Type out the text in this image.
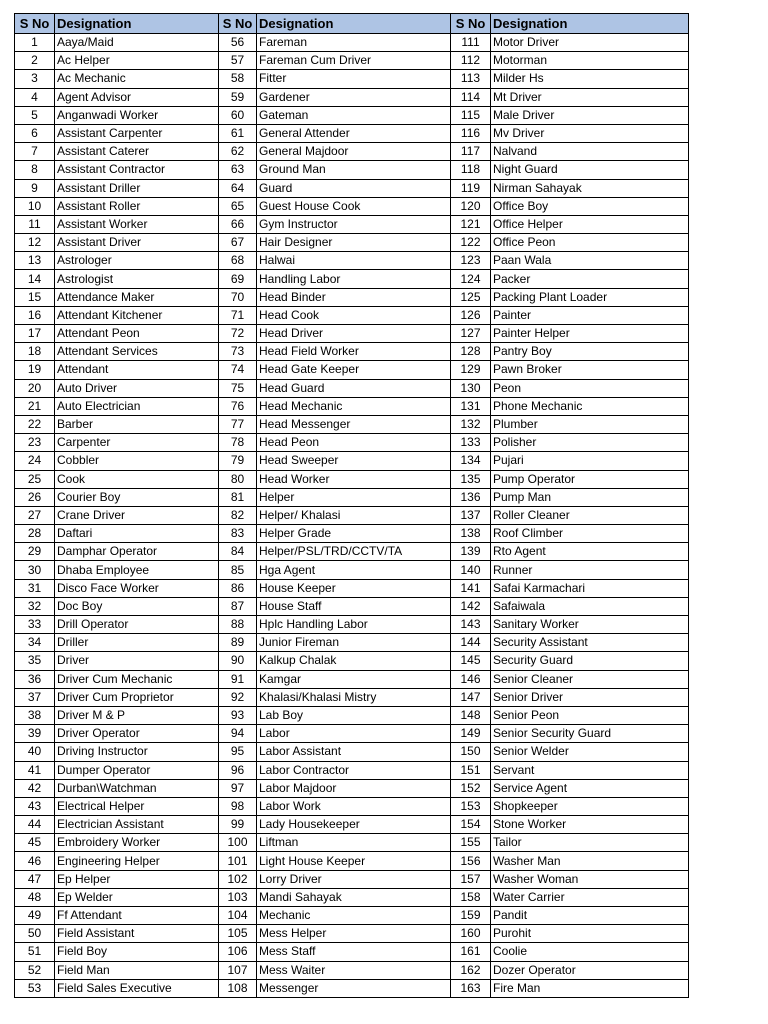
S No	Designation	S No	Designation	S No	Designation
1	Aaya/Maid	56	Fareman	111	Motor Driver
2	Ac Helper	57	Fareman Cum Driver	112	Motorman
3	Ac Mechanic	58	Fitter	113	Milder Hs
4	Agent Advisor	59	Gardener	114	Mt Driver
5	Anganwadi Worker	60	Gateman	115	Male Driver
6	Assistant Carpenter	61	General Attender	116	Mv Driver
7	Assistant Caterer	62	General Majdoor	117	Nalvand
8	Assistant Contractor	63	Ground Man	118	Night Guard
9	Assistant Driller	64	Guard	119	Nirman Sahayak
10	Assistant Roller	65	Guest House Cook	120	Office Boy
11	Assistant Worker	66	Gym Instructor	121	Office Helper
12	Assistant Driver	67	Hair Designer	122	Office Peon
13	Astrologer	68	Halwai	123	Paan Wala
14	Astrologist	69	Handling Labor	124	Packer
15	Attendance Maker	70	Head Binder	125	Packing Plant Loader
16	Attendant Kitchener	71	Head Cook	126	Painter
17	Attendant Peon	72	Head Driver	127	Painter Helper
18	Attendant Services	73	Head Field Worker	128	Pantry Boy
19	Attendant	74	Head Gate Keeper	129	Pawn Broker
20	Auto Driver	75	Head Guard	130	Peon
21	Auto Electrician	76	Head Mechanic	131	Phone Mechanic
22	Barber	77	Head Messenger	132	Plumber
23	Carpenter	78	Head Peon	133	Polisher
24	Cobbler	79	Head Sweeper	134	Pujari
25	Cook	80	Head Worker	135	Pump Operator
26	Courier Boy	81	Helper	136	Pump Man
27	Crane Driver	82	Helper/ Khalasi	137	Roller Cleaner
28	Daftari	83	Helper Grade	138	Roof Climber
29	Damphar Operator	84	Helper/PSL/TRD/CCTV/TA	139	Rto Agent
30	Dhaba Employee	85	Hga Agent	140	Runner
31	Disco Face Worker	86	House Keeper	141	Safai Karmachari
32	Doc Boy	87	House Staff	142	Safaiwala
33	Drill Operator	88	Hplc Handling Labor	143	Sanitary Worker
34	Driller	89	Junior Fireman	144	Security Assistant
35	Driver	90	Kalkup Chalak	145	Security Guard
36	Driver Cum Mechanic	91	Kamgar	146	Senior Cleaner
37	Driver Cum Proprietor	92	Khalasi/Khalasi Mistry	147	Senior Driver
38	Driver M & P	93	Lab Boy	148	Senior Peon
39	Driver Operator	94	Labor	149	Senior Security Guard
40	Driving Instructor	95	Labor Assistant	150	Senior Welder
41	Dumper Operator	96	Labor Contractor	151	Servant
42	Durban\Watchman	97	Labor Majdoor	152	Service Agent
43	Electrical Helper	98	Labor Work	153	Shopkeeper
44	Electrician Assistant	99	Lady Housekeeper	154	Stone Worker
45	Embroidery Worker	100	Liftman	155	Tailor
46	Engineering Helper	101	Light House Keeper	156	Washer Man
47	Ep Helper	102	Lorry Driver	157	Washer Woman
48	Ep Welder	103	Mandi Sahayak	158	Water Carrier
49	Ff Attendant	104	Mechanic	159	Pandit
50	Field Assistant	105	Mess Helper	160	Purohit
51	Field Boy	106	Mess Staff	161	Coolie
52	Field Man	107	Mess Waiter	162	Dozer Operator
53	Field Sales Executive	108	Messenger	163	Fire Man
